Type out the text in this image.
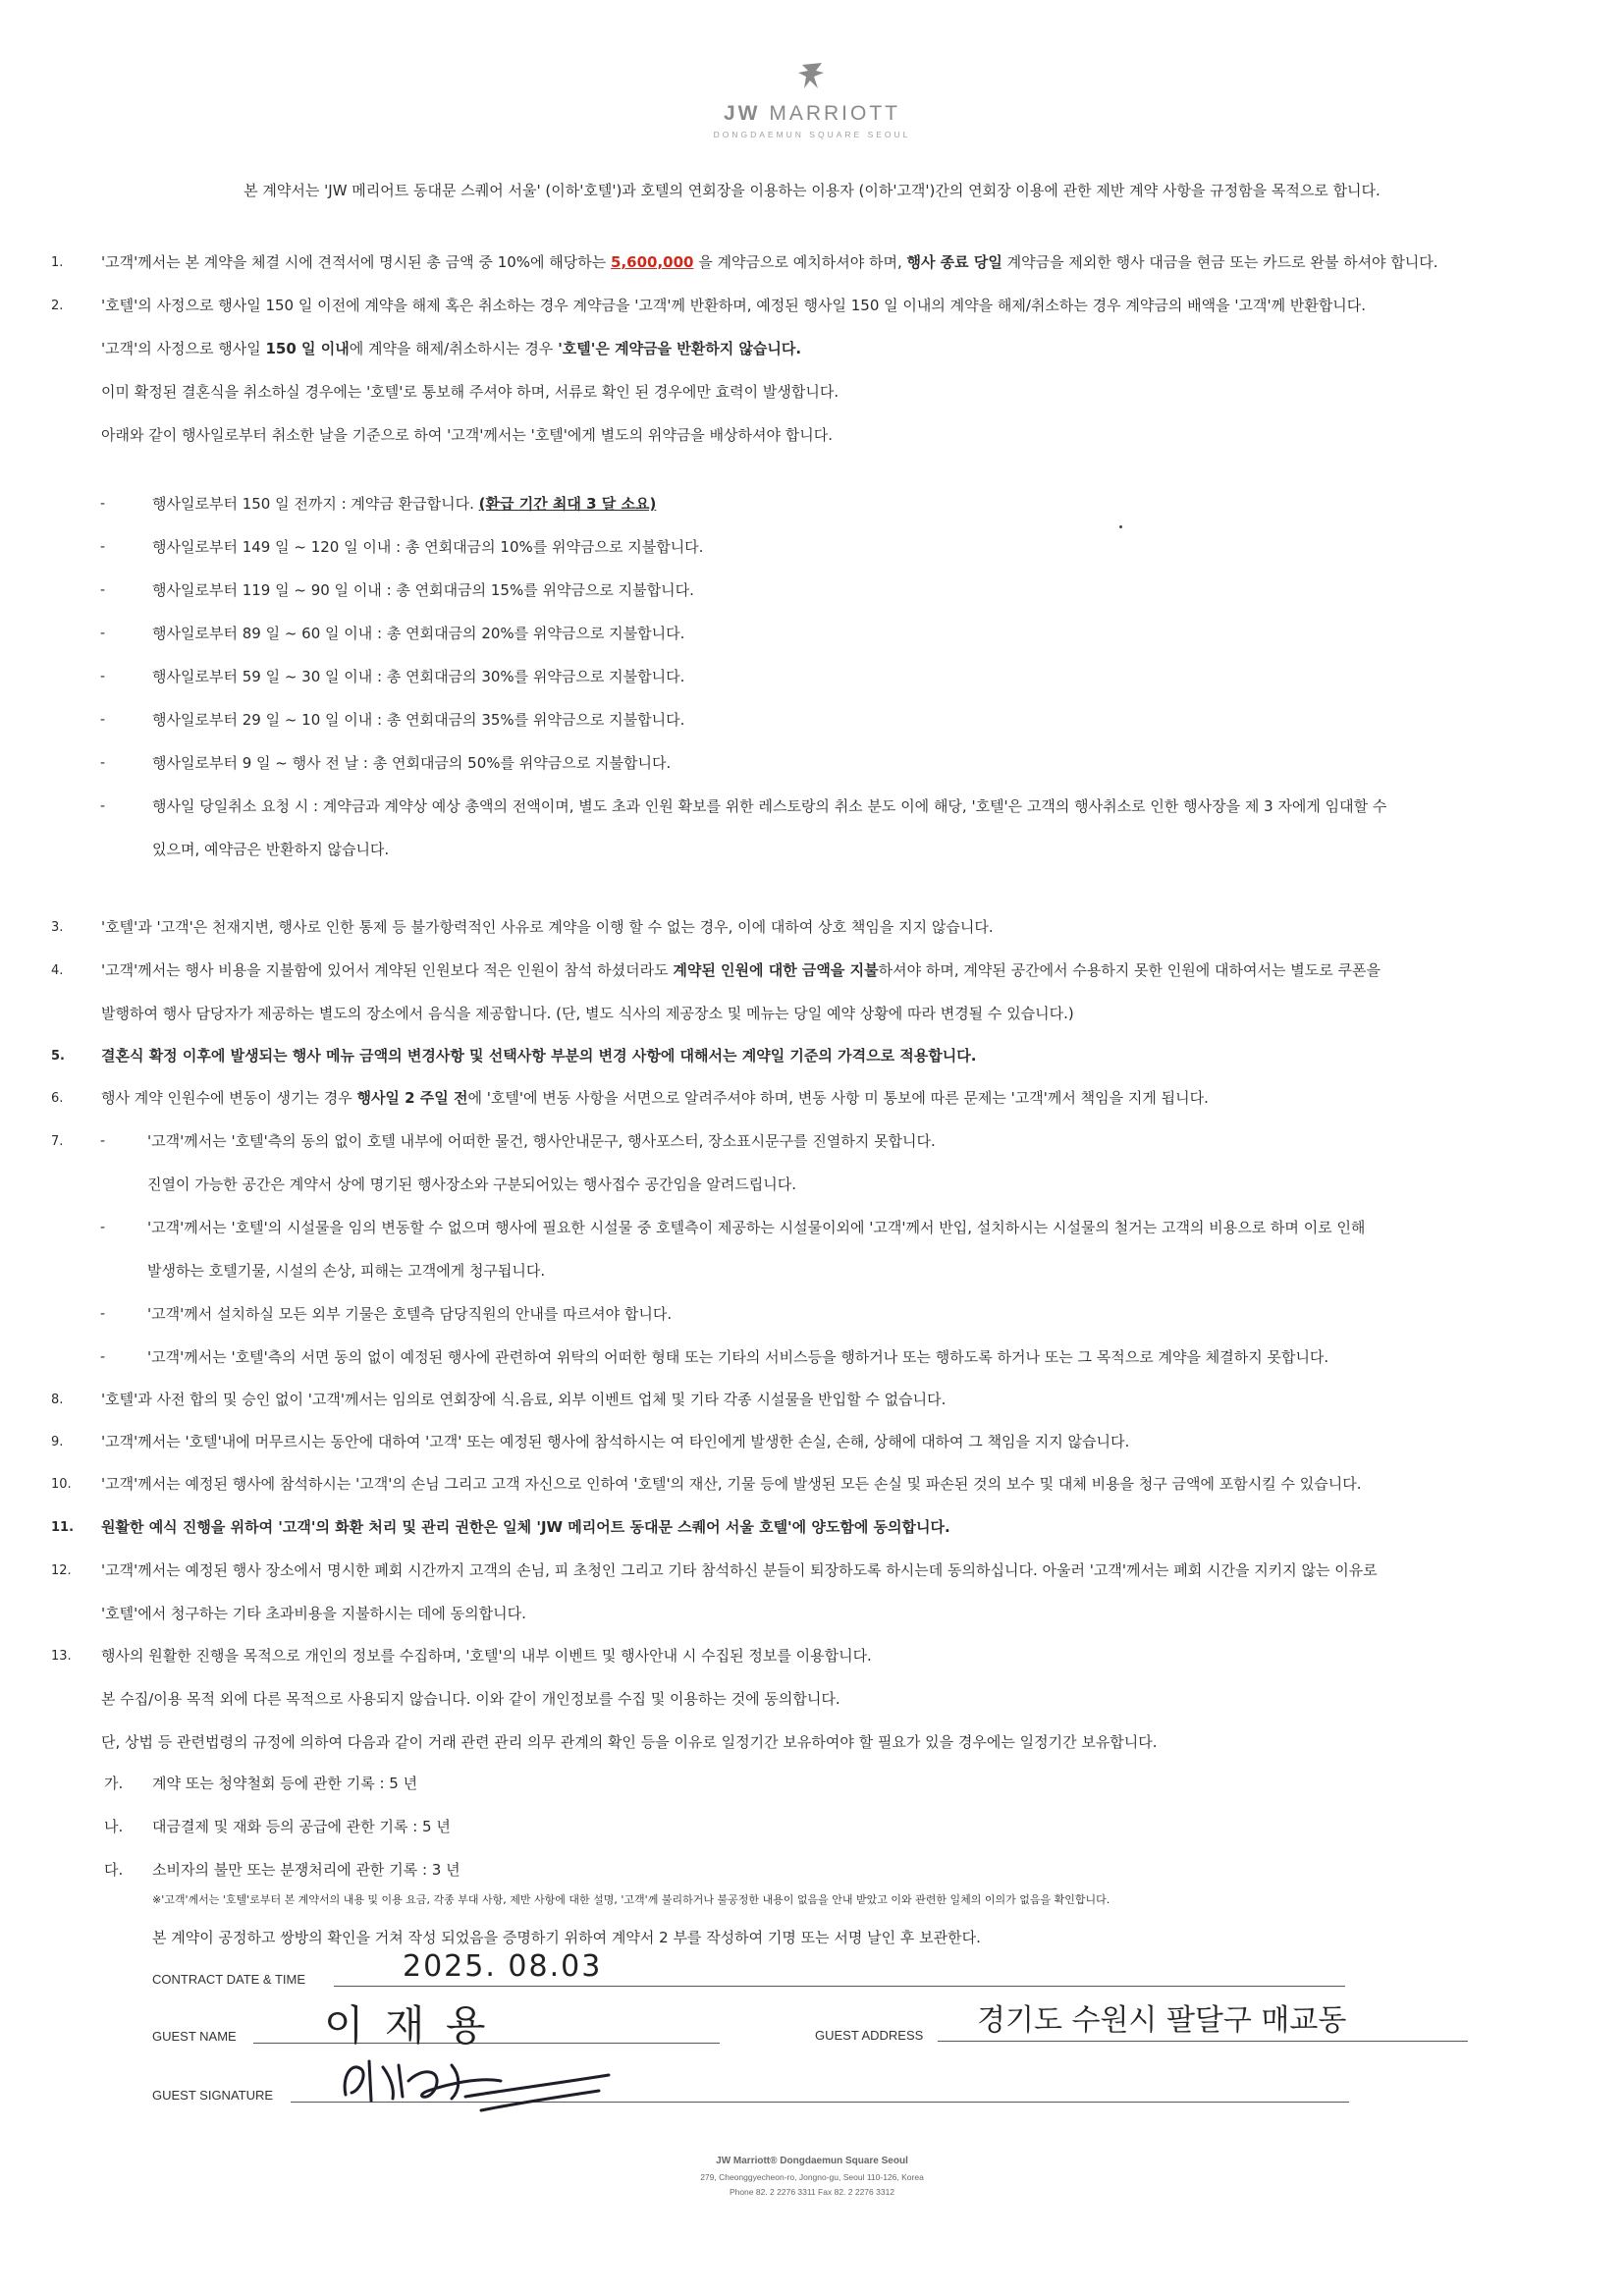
JW MARRIOTT
DONGDAEMUN SQUARE SEOUL
본 계약서는 'JW 메리어트 동대문 스퀘어 서울' (이하'호텔')과 호텔의 연회장을 이용하는 이용자 (이하'고객')간의 연회장 이용에 관한 제반 계약 사항을 규정함을 목적으로 합니다.
1.	'고객'께서는 본 계약을 체결 시에 견적서에 명시된 총 금액 중 10%에 해당하는 5,600,000 을 계약금으로 예치하셔야 하며, 행사 종료 당일 계약금을 제외한 행사 대금을 현금 또는 카드로 완불 하셔야 합니다.
2.	'호텔'의 사정으로 행사일 150 일 이전에 계약을 해제 혹은 취소하는 경우 계약금을 '고객'께 반환하며, 예정된 행사일 150 일 이내의 계약을 해제/취소하는 경우 계약금의 배액을 '고객'께 반환합니다.
'고객'의 사정으로 행사일 150 일 이내에 계약을 해제/취소하시는 경우 '호텔'은 계약금을 반환하지 않습니다.
이미 확정된 결혼식을 취소하실 경우에는 '호텔'로 통보해 주셔야 하며, 서류로 확인 된 경우에만 효력이 발생합니다.
아래와 같이 행사일로부터 취소한 날을 기준으로 하여 '고객'께서는 '호텔'에게 별도의 위약금을 배상하셔야 합니다.
-	행사일로부터 150 일 전까지 : 계약금 환급합니다. (환급 기간 최대 3 달 소요)
-	행사일로부터 149 일 ~ 120 일 이내 : 총 연회대금의 10%를 위약금으로 지불합니다.
-	행사일로부터 119 일 ~ 90 일 이내 : 총 연회대금의 15%를 위약금으로 지불합니다.
-	행사일로부터 89 일 ~ 60 일 이내 : 총 연회대금의 20%를 위약금으로 지불합니다.
-	행사일로부터 59 일 ~ 30 일 이내 : 총 연회대금의 30%를 위약금으로 지불합니다.
-	행사일로부터 29 일 ~ 10 일 이내 : 총 연회대금의 35%를 위약금으로 지불합니다.
-	행사일로부터 9 일 ~ 행사 전 날 : 총 연회대금의 50%를 위약금으로 지불합니다.
-	행사일 당일취소 요청 시 : 계약금과 계약상 예상 총액의 전액이며, 별도 초과 인원 확보를 위한 레스토랑의 취소 분도 이에 해당, '호텔'은 고객의 행사취소로 인한 행사장을 제 3 자에게 임대할 수
있으며, 예약금은 반환하지 않습니다.
3.	'호텔'과 '고객'은 천재지변, 행사로 인한 통제 등 불가항력적인 사유로 계약을 이행 할 수 없는 경우, 이에 대하여 상호 책임을 지지 않습니다.
4.	'고객'께서는 행사 비용을 지불함에 있어서 계약된 인원보다 적은 인원이 참석 하셨더라도 계약된 인원에 대한 금액을 지불하셔야 하며, 계약된 공간에서 수용하지 못한 인원에 대하여서는 별도로 쿠폰을
발행하여 행사 담당자가 제공하는 별도의 장소에서 음식을 제공합니다. (단, 별도 식사의 제공장소 및 메뉴는 당일 예약 상황에 따라 변경될 수 있습니다.)
5. 결혼식 확정 이후에 발생되는 행사 메뉴 금액의 변경사항 및 선택사항 부분의 변경 사항에 대해서는 계약일 기준의 가격으로 적용합니다.
6.	행사 계약 인원수에 변동이 생기는 경우 행사일 2 주일 전에 '호텔'에 변동 사항을 서면으로 알려주셔야 하며, 변동 사항 미 통보에 따른 문제는 '고객'께서 책임을 지게 됩니다.
7.	-	'고객'께서는 '호텔'측의 동의 없이 호텔 내부에 어떠한 물건, 행사안내문구, 행사포스터, 장소표시문구를 진열하지 못합니다.
진열이 가능한 공간은 계약서 상에 명기된 행사장소와 구분되어있는 행사접수 공간임을 알려드립니다.
-	'고객'께서는 '호텔'의 시설물을 임의 변동할 수 없으며 행사에 필요한 시설물 중 호텔측이 제공하는 시설물이외에 '고객'께서 반입, 설치하시는 시설물의 철거는 고객의 비용으로 하며 이로 인해
발생하는 호텔기물, 시설의 손상, 피해는 고객에게 청구됩니다.
-	'고객'께서 설치하실 모든 외부 기물은 호텔측 담당직원의 안내를 따르셔야 합니다.
-	'고객'께서는 '호텔'측의 서면 동의 없이 예정된 행사에 관련하여 위탁의 어떠한 형태 또는 기타의 서비스등을 행하거나 또는 행하도록 하거나 또는 그 목적으로 계약을 체결하지 못합니다.
8.	'호텔'과 사전 합의 및 승인 없이 '고객'께서는 임의로 연회장에 식.음료, 외부 이벤트 업체 및 기타 각종 시설물을 반입할 수 없습니다.
9.	'고객'께서는 '호텔'내에 머무르시는 동안에 대하여 '고객' 또는 예정된 행사에 참석하시는 여 타인에게 발생한 손실, 손해, 상해에 대하여 그 책임을 지지 않습니다.
10. '고객'께서는 예정된 행사에 참석하시는 '고객'의 손님 그리고 고객 자신으로 인하여 '호텔'의 재산, 기물 등에 발생된 모든 손실 및 파손된 것의 보수 및 대체 비용을 청구 금액에 포함시킬 수 있습니다.
11. 원활한 예식 진행을 위하여 '고객'의 화환 처리 및 관리 권한은 일체 'JW 메리어트 동대문 스퀘어 서울 호텔'에 양도함에 동의합니다.
12. '고객'께서는 예정된 행사 장소에서 명시한 폐회 시간까지 고객의 손님, 피 초청인 그리고 기타 참석하신 분들이 퇴장하도록 하시는데 동의하십니다. 아울러 '고객'께서는 폐회 시간을 지키지 않는 이유로
'호텔'에서 청구하는 기타 초과비용을 지불하시는 데에 동의합니다.
13. 행사의 원활한 진행을 목적으로 개인의 정보를 수집하며, '호텔'의 내부 이벤트 및 행사안내 시 수집된 정보를 이용합니다.
본 수집/이용 목적 외에 다른 목적으로 사용되지 않습니다. 이와 같이 개인정보를 수집 및 이용하는 것에 동의합니다.
단, 상법 등 관련법령의 규정에 의하여 다음과 같이 거래 관련 관리 의무 관계의 확인 등을 이유로 일정기간 보유하여야 할 필요가 있을 경우에는 일정기간 보유합니다.
가. 계약 또는 청약철회 등에 관한 기록 : 5 년
나. 대금결제 및 재화 등의 공급에 관한 기록 : 5 년
다. 소비자의 불만 또는 분쟁처리에 관한 기록 : 3 년
※'고객'께서는 '호텔'로부터 본 계약서의 내용 및 이용 요금, 각종 부대 사항, 제반 사항에 대한 설명, '고객'께 불리하거나 불공정한 내용이 없음을 안내 받았고 이와 관련한 일체의 이의가 없음을 확인합니다.
본 계약이 공정하고 쌍방의 확인을 거쳐 작성 되었음을 증명하기 위하여 계약서 2 부를 작성하여 기명 또는 서명 날인 후 보관한다.
CONTRACT DATE & TIME	2025. 08.03
GUEST NAME 이 재 용	GUEST ADDRESS 경기도 수원시 팔달구 매교동
GUEST SIGNATURE
JW Marriott® Dongdaemun Square Seoul
279, Cheonggyecheon-ro, Jongno-gu, Seoul 110-126, Korea
Phone 82. 2 2276 3311 Fax 82. 2 2276 3312
